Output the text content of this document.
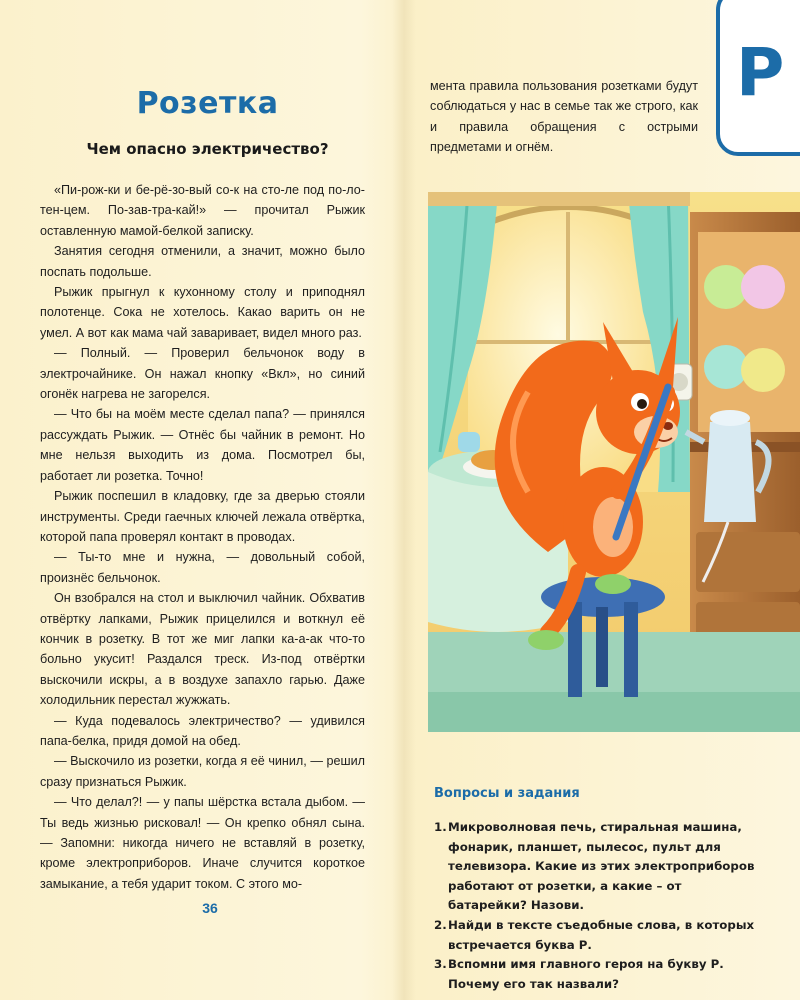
Розетка
Чем опасно электричество?

«Пи-рож-ки и бе-рё-зо-вый со-к на сто-ле под по-ло-тен-цем. По-зав-тра-кай!» — прочитал Рыжик оставленную мамой-белкой записку.

Занятия сегодня отменили, а значит, можно было поспать подольше.

Рыжик прыгнул к кухонному столу и приподнял полотенце. Сока не хотелось. Какао варить он не умел. А вот как мама чай заваривает, видел много раз.

— Полный. — Проверил бельчонок воду в электрочайнике. Он нажал кнопку «Вкл», но синий огонёк нагрева не загорелся.

— Что бы на моём месте сделал папа? — принялся рассуждать Рыжик. — Отнёс бы чайник в ремонт. Но мне нельзя выходить из дома. Посмотрел бы, работает ли розетка. Точно!

Рыжик поспешил в кладовку, где за дверью стояли инструменты. Среди гаечных ключей лежала отвёртка, которой папа проверял контакт в проводах.

— Ты-то мне и нужна, — довольный собой, произнёс бельчонок.

Он взобрался на стол и выключил чайник. Обхватив отвёртку лапками, Рыжик прицелился и воткнул её кончик в розетку. В тот же миг лапки ка-а-ак что-то больно укусит! Раздался треск. Из-под отвёртки выскочили искры, а в воздухе запахло гарью. Даже холодильник перестал жужжать.

— Куда подевалось электричество? — удивился папа-белка, придя домой на обед.

— Выскочило из розетки, когда я её чинил, — решил сразу признаться Рыжик.

— Что делал?! — у папы шёрстка встала дыбом. — Ты ведь жизнью рисковал! — Он крепко обнял сына. — Запомни: никогда ничего не вставляй в розетку, кроме электроприборов. Иначе случится короткое замыкание, а тебя ударит током. С этого мо-

36
мента правила пользования розетками будут соблюдаться у нас в семье так же строго, как и правила обращения с острыми предметами и огнём.
Р
Вопросы и задания
1. Микроволновая печь, стиральная машина, фонарик, планшет, пылесос, пульт для телевизора. Какие из этих электроприборов работают от розетки, а какие – от батарейки? Назови.
2. Найди в тексте съедобные слова, в которых встречается буква Р.
3. Вспомни имя главного героя на букву Р. Почему его так назвали?
